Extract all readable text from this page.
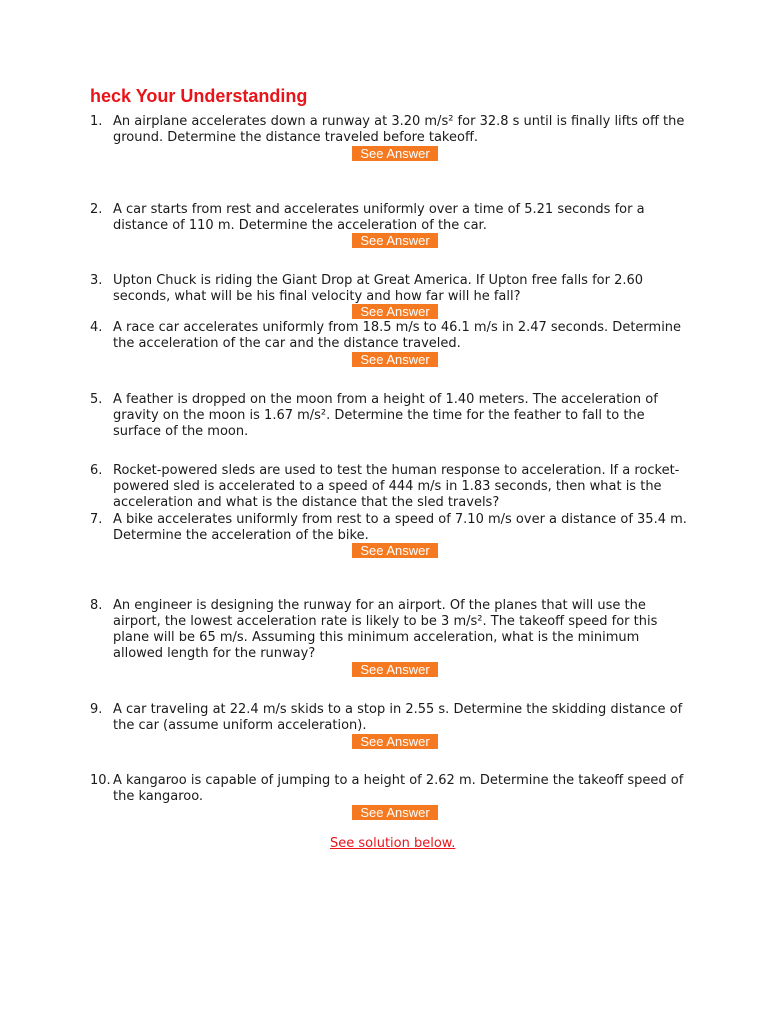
heck Your Understanding
1. An airplane accelerates down a runway at 3.20 m/s² for 32.8 s until is finally lifts off the ground. Determine the distance traveled before takeoff.
See Answer
2. A car starts from rest and accelerates uniformly over a time of 5.21 seconds for a distance of 110 m. Determine the acceleration of the car.
See Answer
3. Upton Chuck is riding the Giant Drop at Great America. If Upton free falls for 2.60 seconds, what will be his final velocity and how far will he fall?
See Answer
4. A race car accelerates uniformly from 18.5 m/s to 46.1 m/s in 2.47 seconds. Determine the acceleration of the car and the distance traveled.
See Answer
5. A feather is dropped on the moon from a height of 1.40 meters. The acceleration of gravity on the moon is 1.67 m/s². Determine the time for the feather to fall to the surface of the moon.
6. Rocket-powered sleds are used to test the human response to acceleration. If a rocket-powered sled is accelerated to a speed of 444 m/s in 1.83 seconds, then what is the acceleration and what is the distance that the sled travels?
7. A bike accelerates uniformly from rest to a speed of 7.10 m/s over a distance of 35.4 m. Determine the acceleration of the bike.
See Answer
8. An engineer is designing the runway for an airport. Of the planes that will use the airport, the lowest acceleration rate is likely to be 3 m/s². The takeoff speed for this plane will be 65 m/s. Assuming this minimum acceleration, what is the minimum allowed length for the runway?
See Answer
9. A car traveling at 22.4 m/s skids to a stop in 2.55 s. Determine the skidding distance of the car (assume uniform acceleration).
See Answer
10. A kangaroo is capable of jumping to a height of 2.62 m. Determine the takeoff speed of the kangaroo.
See Answer
See solution below.
